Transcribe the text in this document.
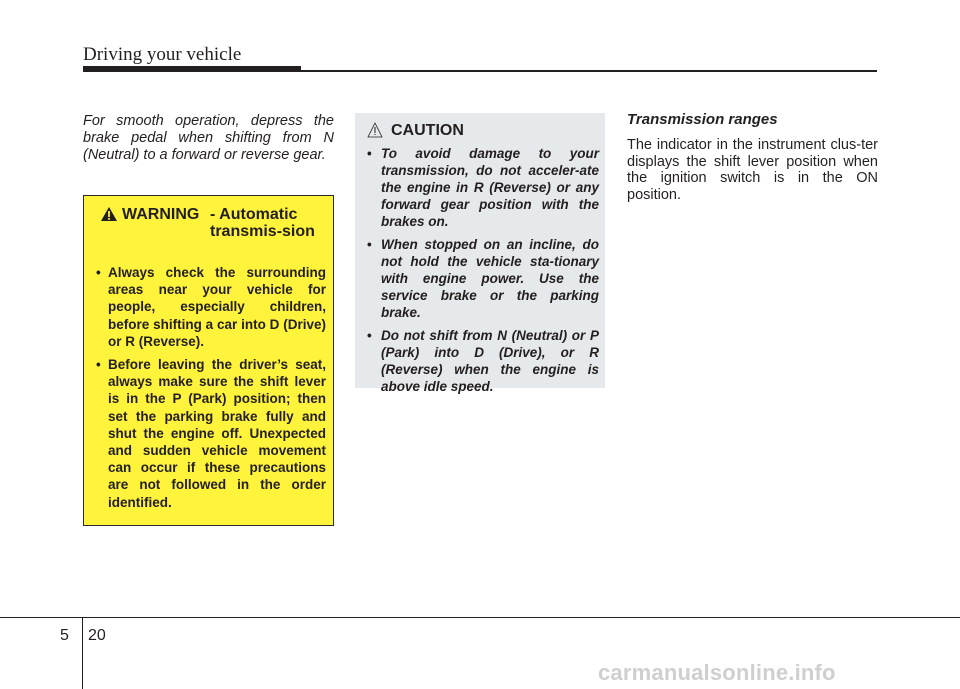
Driving your vehicle

For smooth operation, depress the brake pedal when shifting from N (Neutral) to a forward or reverse gear.

WARNING - Automatic transmis-sion
• Always check the surrounding areas near your vehicle for people, especially children, before shifting a car into D (Drive) or R (Reverse).
• Before leaving the driver’s seat, always make sure the shift lever is in the P (Park) position; then set the parking brake fully and shut the engine off. Unexpected and sudden vehicle movement can occur if these precautions are not followed in the order identified.
CAUTION
• To avoid damage to your transmission, do not acceler-ate the engine in R (Reverse) or any forward gear position with the brakes on.
• When stopped on an incline, do not hold the vehicle sta-tionary with engine power. Use the service brake or the parking brake.
• Do not shift from N (Neutral) or P (Park) into D (Drive), or R (Reverse) when the engine is above idle speed.
Transmission ranges

The indicator in the instrument clus-ter displays the shift lever position when the ignition switch is in the ON position.

5 20
carmanualsonline.info
